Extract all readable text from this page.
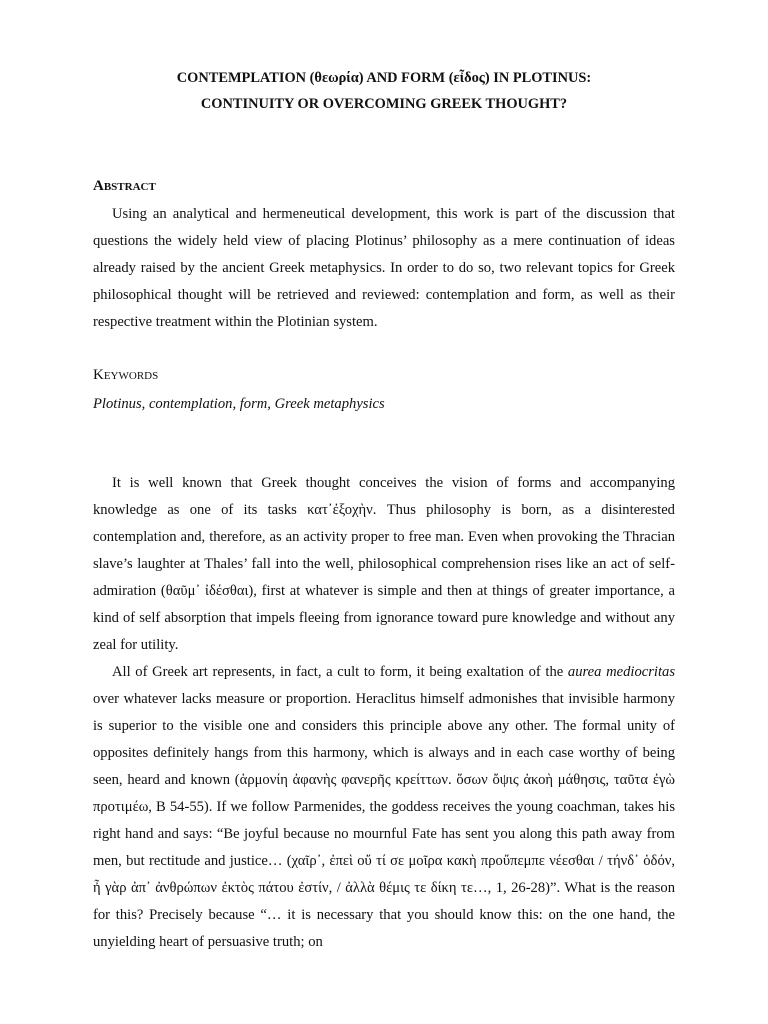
CONTEMPLATION (θεωρία) AND FORM (εἶδος) IN PLOTINUS:
CONTINUITY OR OVERCOMING GREEK THOUGHT?
Abstract
Using an analytical and hermeneutical development, this work is part of the discussion that questions the widely held view of placing Plotinus’ philosophy as a mere continuation of ideas already raised by the ancient Greek metaphysics. In order to do so, two relevant topics for Greek philosophical thought will be retrieved and reviewed: contemplation and form, as well as their respective treatment within the Plotinian system.
Keywords
Plotinus, contemplation, form, Greek metaphysics
It is well known that Greek thought conceives the vision of forms and accompanying knowledge as one of its tasks κατ᾽ἐξοχὴν. Thus philosophy is born, as a disinterested contemplation and, therefore, as an activity proper to free man. Even when provoking the Thracian slave’s laughter at Thales’ fall into the well, philosophical comprehension rises like an act of self-admiration (θαῦμ᾽ ἰδέσθαι), first at whatever is simple and then at things of greater importance, a kind of self absorption that impels fleeing from ignorance toward pure knowledge and without any zeal for utility.
All of Greek art represents, in fact, a cult to form, it being exaltation of the aurea mediocritas over whatever lacks measure or proportion. Heraclitus himself admonishes that invisible harmony is superior to the visible one and considers this principle above any other. The formal unity of opposites definitely hangs from this harmony, which is always and in each case worthy of being seen, heard and known (ἁρμονίη ἀφανὴς φανερῆς κρείττων. ὅσων ὄψις ἀκοὴ μάθησις, ταῦτα ἐγὼ προτιμέω, B 54-55). If we follow Parmenides, the goddess receives the young coachman, takes his right hand and says: “Be joyful because no mournful Fate has sent you along this path away from men, but rectitude and justice… (χαῖρ᾽, ἐπεὶ οὔ τί σε μοῖρα κακὴ προὔπεμπε νέεσθαι / τήνδ᾽ ὁδόν, ἦ γὰρ ἀπ᾽ ἀνθρώπων ἐκτὸς πάτου ἐστίν, / ἀλλὰ θέμις τε δίκη τε…, 1, 26-28)”. What is the reason for this? Precisely because “… it is necessary that you should know this: on the one hand, the unyielding heart of persuasive truth; on
